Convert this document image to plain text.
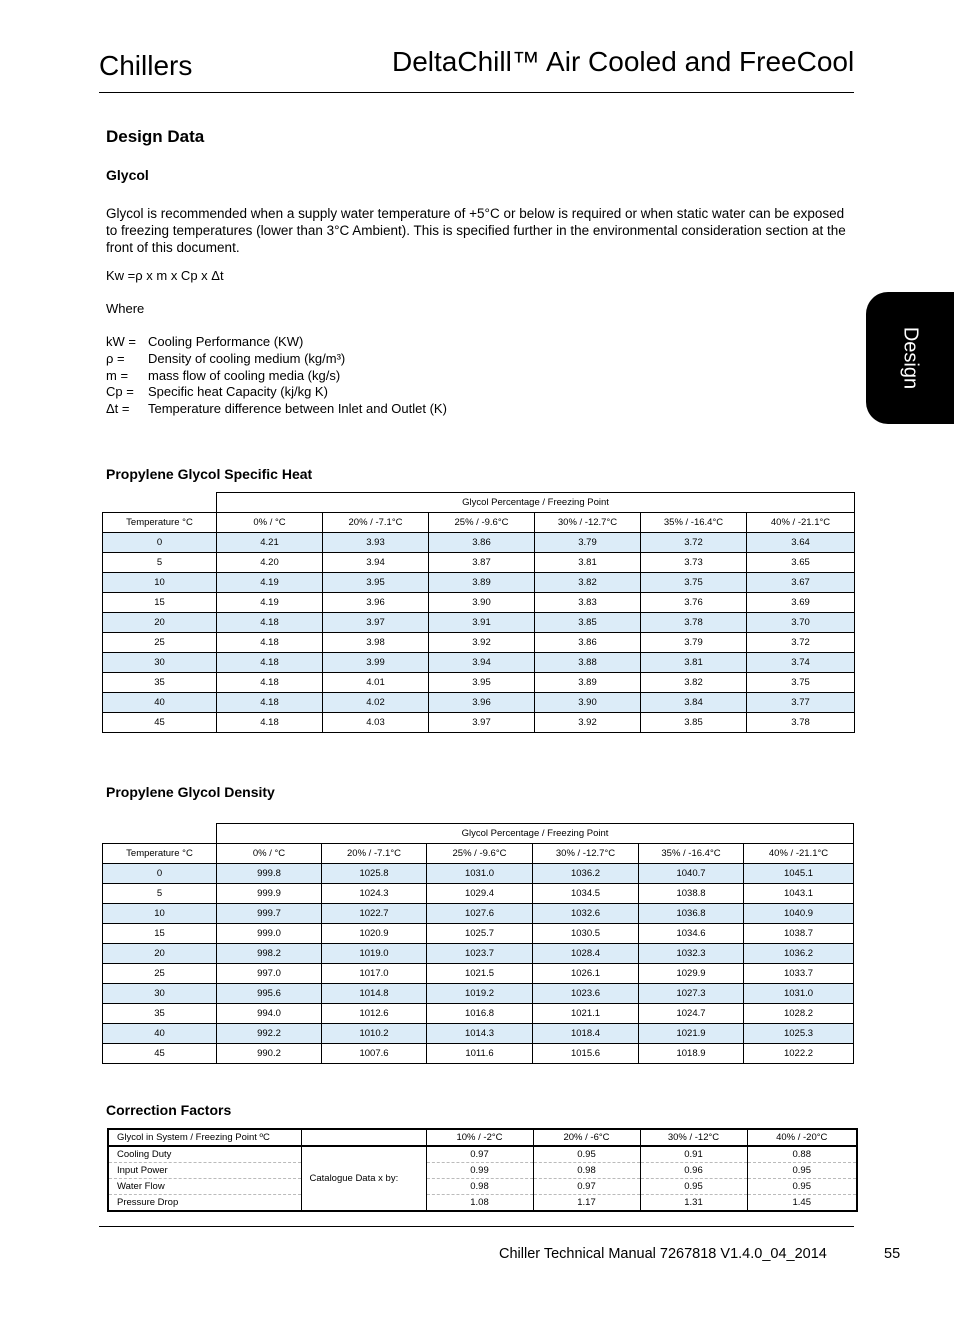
Chillers	DeltaChill™ Air Cooled and FreeCool
Design
Design Data
Glycol
Glycol is recommended when a supply water temperature of +5°C or below is required or when static water can be exposed to freezing temperatures (lower than 3°C Ambient). This is specified further in the environmental consideration section at the front of this document.
Kw =ρ x m x Cp x Δt
Where
kW = Cooling Performance (KW)
ρ =	Density of cooling medium (kg/m³)
m =	mass flow of cooling media (kg/s)
Cp =	Specific heat Capacity (kj/kg K)
Δt =	Temperature difference between Inlet and Outlet (K)
Propylene Glycol Specific Heat
	Glycol Percentage / Freezing Point					
Temperature °C	0% / °C	20% / -7.1°C	25% / -9.6°C	30% / -12.7°C	35% / -16.4°C	40% / -21.1°C
0	4.21	3.93	3.86	3.79	3.72	3.64
5	4.20	3.94	3.87	3.81	3.73	3.65
10	4.19	3.95	3.89	3.82	3.75	3.67
15	4.19	3.96	3.90	3.83	3.76	3.69
20	4.18	3.97	3.91	3.85	3.78	3.70
25	4.18	3.98	3.92	3.86	3.79	3.72
30	4.18	3.99	3.94	3.88	3.81	3.74
35	4.18	4.01	3.95	3.89	3.82	3.75
40	4.18	4.02	3.96	3.90	3.84	3.77
45	4.18	4.03	3.97	3.92	3.85	3.78
Propylene Glycol Density
	Glycol Percentage / Freezing Point					
Temperature °C	0% / °C	20% / -7.1°C	25% / -9.6°C	30% / -12.7°C	35% / -16.4°C	40% / -21.1°C
0	999.8	1025.8	1031.0	1036.2	1040.7	1045.1
5	999.9	1024.3	1029.4	1034.5	1038.8	1043.1
10	999.7	1022.7	1027.6	1032.6	1036.8	1040.9
15	999.0	1020.9	1025.7	1030.5	1034.6	1038.7
20	998.2	1019.0	1023.7	1028.4	1032.3	1036.2
25	997.0	1017.0	1021.5	1026.1	1029.9	1033.7
30	995.6	1014.8	1019.2	1023.6	1027.3	1031.0
35	994.0	1012.6	1016.8	1021.1	1024.7	1028.2
40	992.2	1010.2	1014.3	1018.4	1021.9	1025.3
45	990.2	1007.6	1011.6	1015.6	1018.9	1022.2
Correction Factors
Glycol in System / Freezing Point ºC		10% / -2°C	20% / -6°C	30% / -12°C	40% / -20°C
Cooling Duty	Catalogue Data x by:	0.97	0.95	0.91	0.88
Input Power		0.99	0.98	0.96	0.95
Water Flow		0.98	0.97	0.95	0.95
Pressure Drop		1.08	1.17	1.31	1.45
Chiller Technical Manual 7267818 V1.4.0_04_2014	55
